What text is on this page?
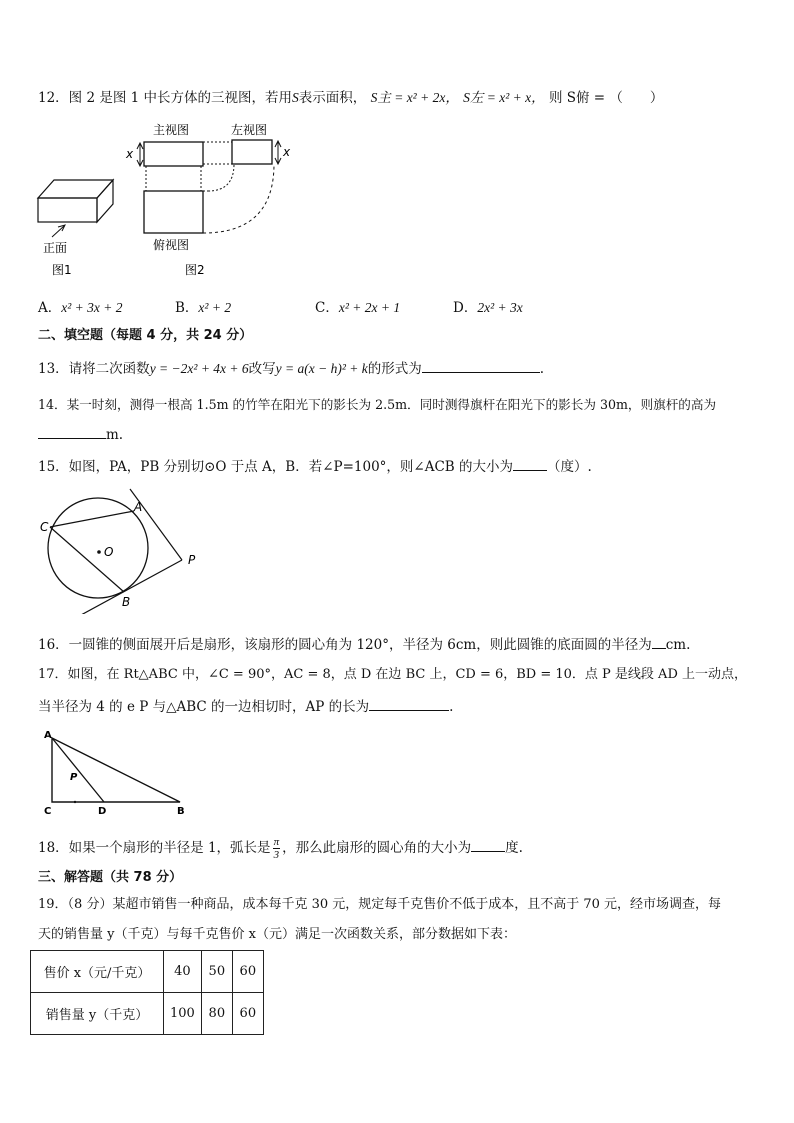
12．图 2 是图 1 中长方体的三视图，若用S表示面积， S主 = x² + 2x， S左 = x² + x， 则 S俯 = （　　）
主视图	左视图
x	x
俯视图
正面
图1	图2
A．x² + 3x + 2	B．x² + 2	C．x² + 2x + 1	D．2x² + 3x
二、填空题（每题 4 分，共 24 分）
13．请将二次函数y = −2x² + 4x + 6改写y = a(x − h)² + k的形式为	.
14．某一时刻，测得一根高 1.5m 的竹竿在阳光下的影长为 2.5m．同时测得旗杆在阳光下的影长为 30m，则旗杆的高为
m.
15．如图，PA，PB 分别切⊙O 于点 A，B．若∠P=100°，则∠ACB 的大小为	（度）.
A
C
O
P
B
16．一圆锥的侧面展开后是扇形，该扇形的圆心角为 120°，半径为 6cm，则此圆锥的底面圆的半径为 cm.
17．如图，在 Rt△ABC 中，∠C = 90°，AC = 8，点 D 在边 BC 上，CD = 6，BD = 10．点 P 是线段 AD 上一动点，
当半径为 4 的 e P 与△ABC 的一边相切时，AP 的长为	.
A
P
C	D	B
18．如果一个扇形的半径是 1，弧长是 $\frac{\pi}{3}$ ，那么此扇形的圆心角的大小为	度.
三、解答题（共 78 分）
19．（8 分）某超市销售一种商品，成本每千克 30 元，规定每千克售价不低于成本，且不高于 70 元，经市场调查，每
天的销售量 y（千克）与每千克售价 x（元）满足一次函数关系，部分数据如下表：
售价 x（元/千克）	40	50	60
销售量 y（千克）	100	80	60
